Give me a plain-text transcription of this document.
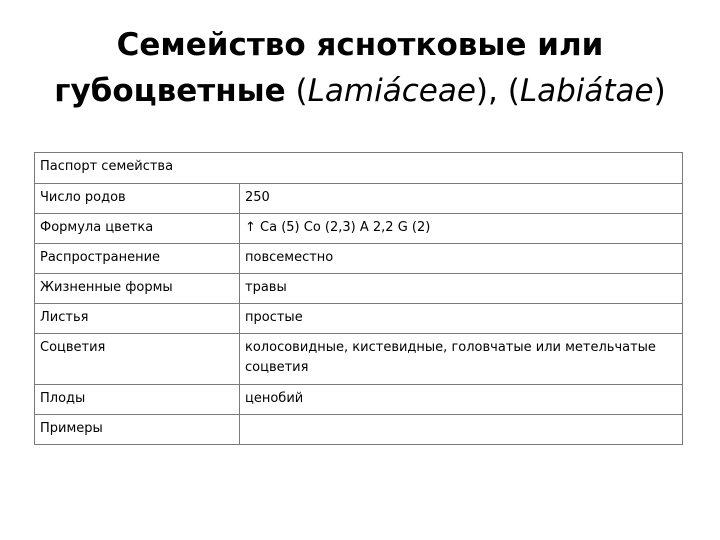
Семейство яснотковые или
губоцветные (Lamiáceae), (Labiátae)
Паспорт семейства	
Число родов	250
Формула цветка	↑ Ca (5) Co (2,3) A 2,2 G (2)
Распространение	повсеместно
Жизненные формы	травы
Листья	простые
Соцветия	колосовидные, кистевидные, головчатые или метельчатые соцветия
Плоды	ценобий
Примеры	
